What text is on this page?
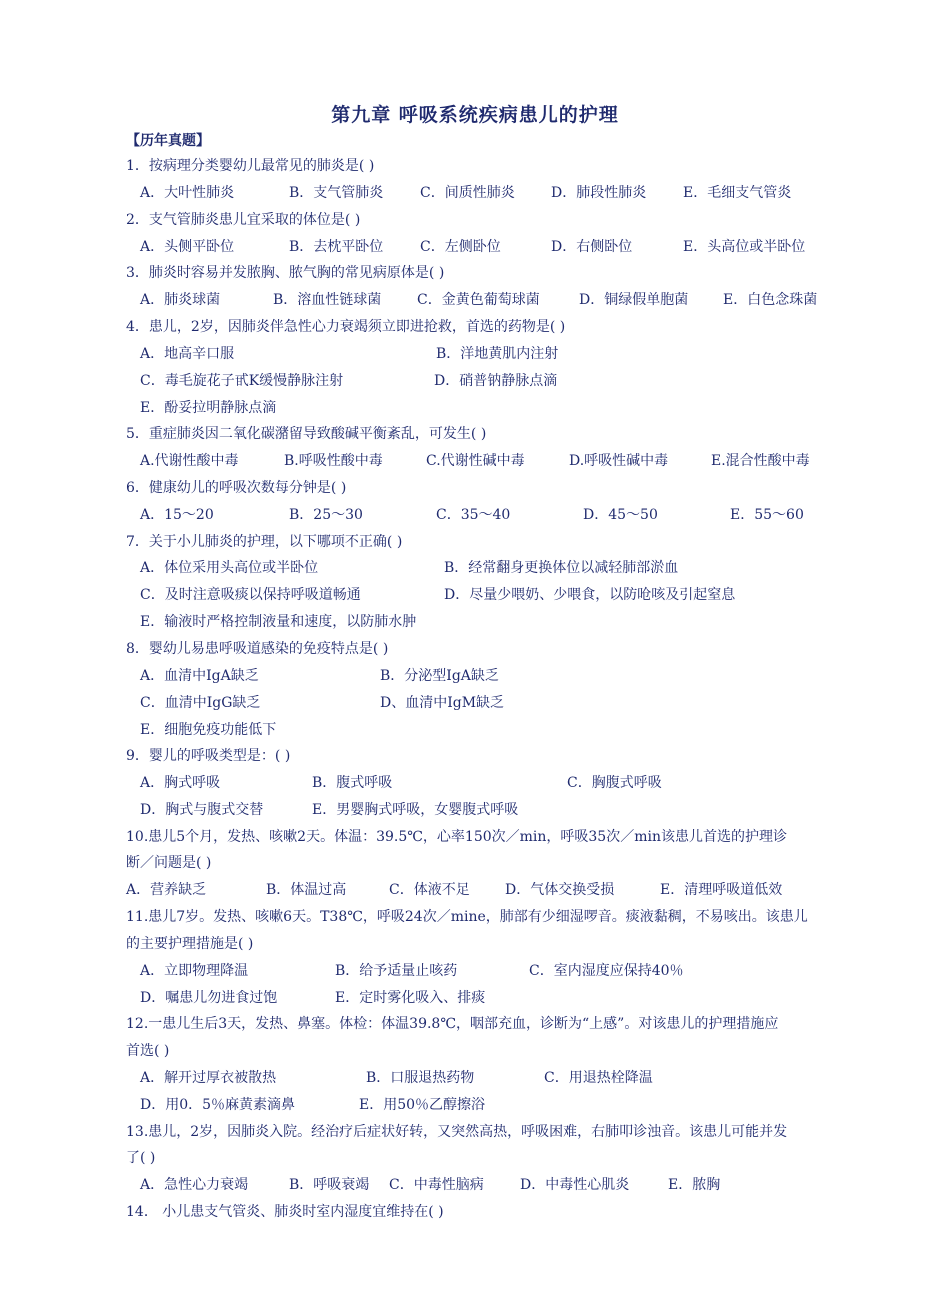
第九章 呼吸系统疾病患儿的护理
【历年真题】
1．按病理分类婴幼儿最常见的肺炎是( )
A．大叶性肺炎	B．支气管肺炎	C．间质性肺炎	D．肺段性肺炎	E．毛细支气管炎
2．支气管肺炎患儿宜采取的体位是( )
A．头侧平卧位	B．去枕平卧位	C．左侧卧位	D．右侧卧位	E．头高位或半卧位
3．肺炎时容易并发脓胸、脓气胸的常见病原体是( )
A．肺炎球菌	B．溶血性链球菌	C．金黄色葡萄球菌	D．铜绿假单胞菌 E．白色念珠菌
4．患儿，2岁，因肺炎伴急性心力衰竭须立即进抢救，首选的药物是( )
A．地高辛口服	B．洋地黄肌内注射
C．毒毛旋花子甙K缓慢静脉注射	D．硝普钠静脉点滴
E．酚妥拉明静脉点滴
5．重症肺炎因二氧化碳潴留导致酸碱平衡紊乱，可发生( )
A.代谢性酸中毒	B.呼吸性酸中毒	C.代谢性碱中毒	D.呼吸性碱中毒	E.混合性酸中毒
6．健康幼儿的呼吸次数每分钟是( )
A．15～20	B．25～30	C．35～40	D．45～50	E．55～60
7．关于小儿肺炎的护理，以下哪项不正确( )
A．体位采用头高位或半卧位	B．经常翻身更换体位以减轻肺部淤血
C．及时注意吸痰以保持呼吸道畅通	D．尽量少喂奶、少喂食，以防呛咳及引起窒息
E．输液时严格控制液量和速度，以防肺水肿
8．婴幼儿易患呼吸道感染的免疫特点是( )
A．血清中IgA缺乏	B．分泌型IgA缺乏
C．血清中IgG缺乏	D、血清中IgM缺乏
E．细胞免疫功能低下
9．婴儿的呼吸类型是：( )
A．胸式呼吸	B．腹式呼吸	C．胸腹式呼吸
D．胸式与腹式交替	E．男婴胸式呼吸，女婴腹式呼吸
10.患儿5个月，发热、咳嗽2天。体温：39.5℃，心率150次／min，呼吸35次／min该患儿首选的护理诊
断／问题是( )
A．营养缺乏	B．体温过高	C．体液不足	D．气体交换受损	E．清理呼吸道低效
11.患儿7岁。发热、咳嗽6天。T38℃，呼吸24次／mine，肺部有少细湿啰音。痰液黏稠，不易咳出。该患儿
的主要护理措施是( )
A．立即物理降温	B．给予适量止咳药	C．室内湿度应保持40％
D．嘱患儿勿进食过饱	E．定时雾化吸入、排痰
12.一患儿生后3天，发热、鼻塞。体检：体温39.8℃，咽部充血，诊断为“上感”。对该患儿的护理措施应
首选( )
A．解开过厚衣被散热	B．口服退热药物	C．用退热栓降温
D．用0．5％麻黄素滴鼻	E．用50％乙醇擦浴
13.患儿，2岁，因肺炎入院。经治疗后症状好转，又突然高热，呼吸困难，右肺叩诊浊音。该患儿可能并发
了( )
A．急性心力衰竭	B．呼吸衰竭 C．中毒性脑病	D．中毒性心肌炎	E．脓胸
14． 小儿患支气管炎、肺炎时室内湿度宜维持在( )
